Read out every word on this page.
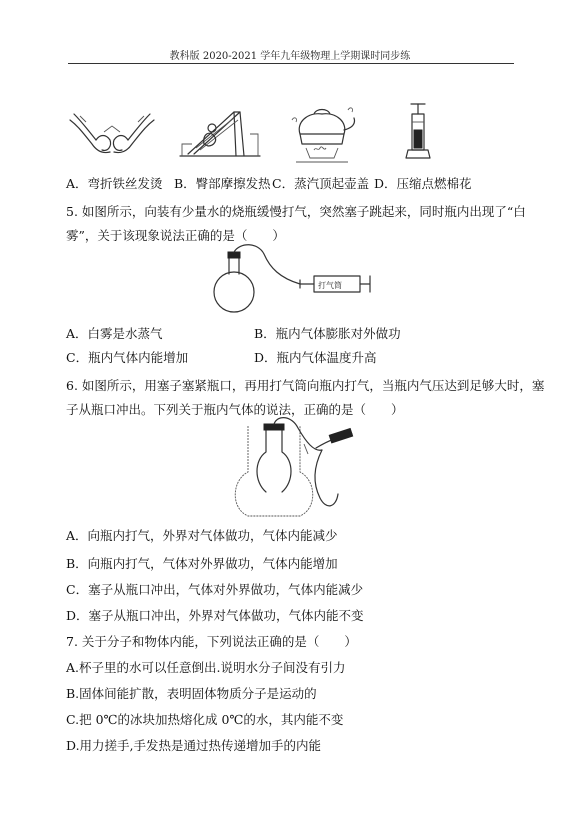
教科版 2020-2021 学年九年级物理上学期课时同步练
A．弯折铁丝发烫 B．臀部摩擦发热 C．蒸汽顶起壶盖 D．压缩点燃棉花
5. 如图所示，向装有少量水的烧瓶缓慢打气，突然塞子跳起来，同时瓶内出现了“白
雾”，关于该现象说法正确的是（　　）
打气筒
A．白雾是水蒸气	B．瓶内气体膨胀对外做功
C．瓶内气体内能增加	D．瓶内气体温度升高
6. 如图所示，用塞子塞紧瓶口，再用打气筒向瓶内打气，当瓶内气压达到足够大时，塞
子从瓶口冲出。下列关于瓶内气体的说法，正确的是（　　）
A．向瓶内打气，外界对气体做功，气体内能减少
B．向瓶内打气，气体对外界做功，气体内能增加
C．塞子从瓶口冲出，气体对外界做功，气体内能减少
D．塞子从瓶口冲出，外界对气体做功，气体内能不变
7. 关于分子和物体内能，下列说法正确的是（　　）
A.杯子里的水可以任意倒出.说明水分子间没有引力
B.固体间能扩散，表明固体物质分子是运动的
C.把 0℃的冰块加热熔化成 0℃的水，其内能不变
D.用力搓手,手发热是通过热传递增加手的内能
